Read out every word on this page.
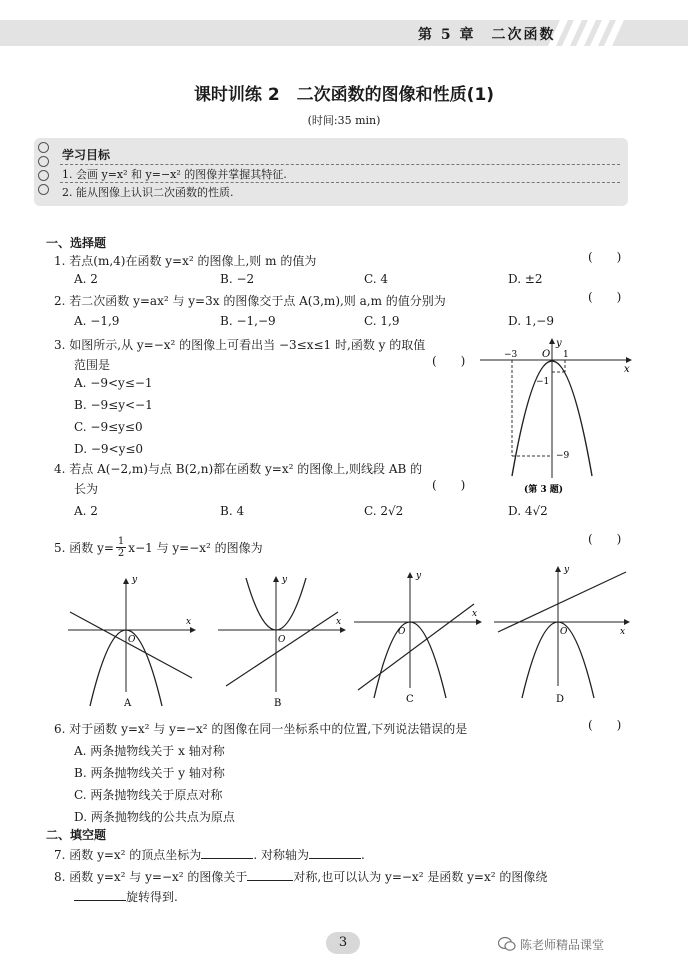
第 5 章　二次函数
课时训练 2　二次函数的图像和性质(1)
(时间:35 min)
学习目标
1. 会画 y=x² 和 y=−x² 的图像并掌握其特征.
2. 能从图像上认识二次函数的性质.
一、选择题
1. 若点(m,4)在函数 y=x² 的图像上,则 m 的值为	(　　)
A. 2	B. −2	C. 4	D. ±2
2. 若二次函数 y=ax² 与 y=3x 的图像交于点 A(3,m),则 a,m 的值分别为	(　　)
A. −1,9	B. −1,−9	C. 1,9	D. 1,−9
3. 如图所示,从 y=−x² 的图像上可看出当 −3≤x≤1 时,函数 y 的取值
范围是	(　　)
A. −9<y≤−1
B. −9≤y<−1
C. −9≤y≤0
D. −9<y≤0
−3 O 1
−1
−9
x
y
(第 3 题)
4. 若点 A(−2,m)与点 B(2,n)都在函数 y=x² 的图像上,则线段 AB 的
长为	(　　)
A. 2	B. 4	C. 2√2	D. 4√2
5. 函数 $y= \frac{1}{2} x-1$ 与 y=−x² 的图像为
(　　)
y
x
O
A
y
x
O
B
y
x
O
C
y
x
O
D
6. 对于函数 y=x² 与 y=−x² 的图像在同一坐标系中的位置,下列说法错误的是	(　　)
A. 两条抛物线关于 x 轴对称
B. 两条抛物线关于 y 轴对称
C. 两条抛物线关于原点对称
D. 两条抛物线的公共点为原点
二、填空题
7. 函数 y=x² 的顶点坐标为	. 对称轴为	.
8. 函数 y=x² 与 y=−x² 的图像关于	对称,也可以认为 y=−x² 是函数 y=x² 的图像绕
旋转得到.
3	陈老师精品课堂
